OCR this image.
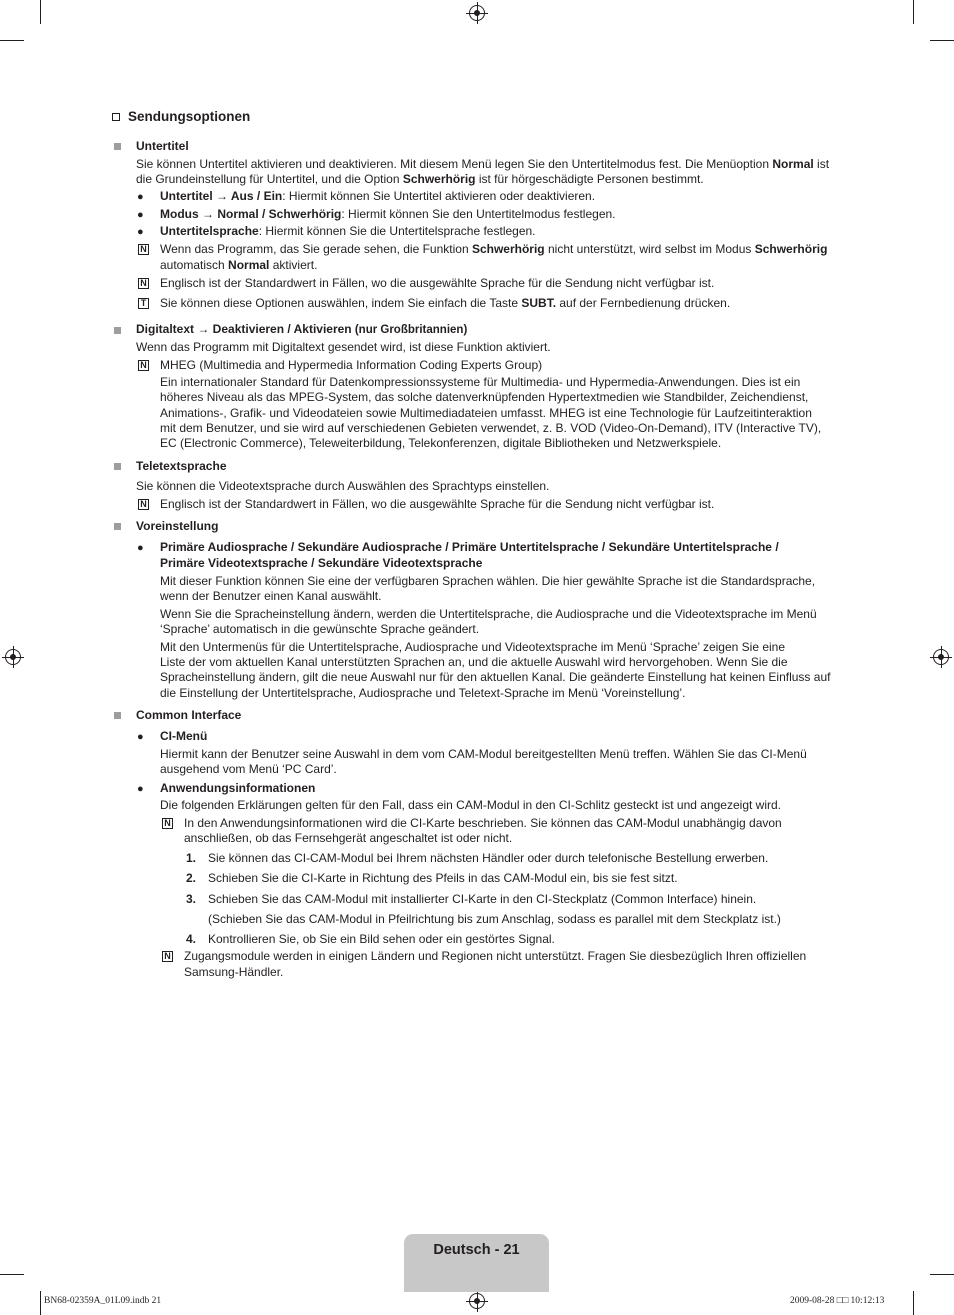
Sendungsoptionen
Untertitel
Sie können Untertitel aktivieren und deaktivieren. Mit diesem Menü legen Sie den Untertitelmodus fest. Die Menüoption Normal ist
die Grundeinstellung für Untertitel, und die Option Schwerhörig ist für hörgeschädigte Personen bestimmt.
● Untertitel → Aus / Ein: Hiermit können Sie Untertitel aktivieren oder deaktivieren.
● Modus → Normal / Schwerhörig: Hiermit können Sie den Untertitelmodus festlegen.
● Untertitelsprache: Hiermit können Sie die Untertitelsprache festlegen.
N Wenn das Programm, das Sie gerade sehen, die Funktion Schwerhörig nicht unterstützt, wird selbst im Modus Schwerhörig
automatisch Normal aktiviert.
N Englisch ist der Standardwert in Fällen, wo die ausgewählte Sprache für die Sendung nicht verfügbar ist.
T Sie können diese Optionen auswählen, indem Sie einfach die Taste SUBT. auf der Fernbedienung drücken.
Digitaltext → Deaktivieren / Aktivieren (nur Großbritannien)
Wenn das Programm mit Digitaltext gesendet wird, ist diese Funktion aktiviert.
N MHEG (Multimedia and Hypermedia Information Coding Experts Group)
Ein internationaler Standard für Datenkompressionssysteme für Multimedia- und Hypermedia-Anwendungen. Dies ist ein
höheres Niveau als das MPEG-System, das solche datenverknüpfenden Hypertextmedien wie Standbilder, Zeichendienst,
Animations-, Grafik- und Videodateien sowie Multimediadateien umfasst. MHEG ist eine Technologie für Laufzeitinteraktion
mit dem Benutzer, und sie wird auf verschiedenen Gebieten verwendet, z. B. VOD (Video-On-Demand), ITV (Interactive TV),
EC (Electronic Commerce), Teleweiterbildung, Telekonferenzen, digitale Bibliotheken und Netzwerkspiele.
Teletextsprache
Sie können die Videotextsprache durch Auswählen des Sprachtyps einstellen.
N Englisch ist der Standardwert in Fällen, wo die ausgewählte Sprache für die Sendung nicht verfügbar ist.
Voreinstellung
● Primäre Audiosprache / Sekundäre Audiosprache / Primäre Untertitelsprache / Sekundäre Untertitelsprache /
Primäre Videotextsprache / Sekundäre Videotextsprache
Mit dieser Funktion können Sie eine der verfügbaren Sprachen wählen. Die hier gewählte Sprache ist die Standardsprache,
wenn der Benutzer einen Kanal auswählt.
Wenn Sie die Spracheinstellung ändern, werden die Untertitelsprache, die Audiosprache und die Videotextsprache im Menü
‘Sprache’ automatisch in die gewünschte Sprache geändert.
Mit den Untermenüs für die Untertitelsprache, Audiosprache und Videotextsprache im Menü ‘Sprache’ zeigen Sie eine
Liste der vom aktuellen Kanal unterstützten Sprachen an, und die aktuelle Auswahl wird hervorgehoben. Wenn Sie die
Spracheinstellung ändern, gilt die neue Auswahl nur für den aktuellen Kanal. Die geänderte Einstellung hat keinen Einfluss auf
die Einstellung der Untertitelsprache, Audiosprache und Teletext-Sprache im Menü ‘Voreinstellung’.
Common Interface
● CI-Menü
Hiermit kann der Benutzer seine Auswahl in dem vom CAM-Modul bereitgestellten Menü treffen. Wählen Sie das CI-Menü
ausgehend vom Menü ‘PC Card’.
● Anwendungsinformationen
Die folgenden Erklärungen gelten für den Fall, dass ein CAM-Modul in den CI-Schlitz gesteckt ist und angezeigt wird.
N In den Anwendungsinformationen wird die CI-Karte beschrieben. Sie können das CAM-Modul unabhängig davon
anschließen, ob das Fernsehgerät angeschaltet ist oder nicht.
1. Sie können das CI-CAM-Modul bei Ihrem nächsten Händler oder durch telefonische Bestellung erwerben.
2. Schieben Sie die CI-Karte in Richtung des Pfeils in das CAM-Modul ein, bis sie fest sitzt.
3. Schieben Sie das CAM-Modul mit installierter CI-Karte in den CI-Steckplatz (Common Interface) hinein.
(Schieben Sie das CAM-Modul in Pfeilrichtung bis zum Anschlag, sodass es parallel mit dem Steckplatz ist.)
4. Kontrollieren Sie, ob Sie ein Bild sehen oder ein gestörtes Signal.
N Zugangsmodule werden in einigen Ländern und Regionen nicht unterstützt. Fragen Sie diesbezüglich Ihren offiziellen
Samsung-Händler.
Deutsch - 21
BN68-02359A_01L09.indb 21	2009-08-28 □□ 10:12:13
